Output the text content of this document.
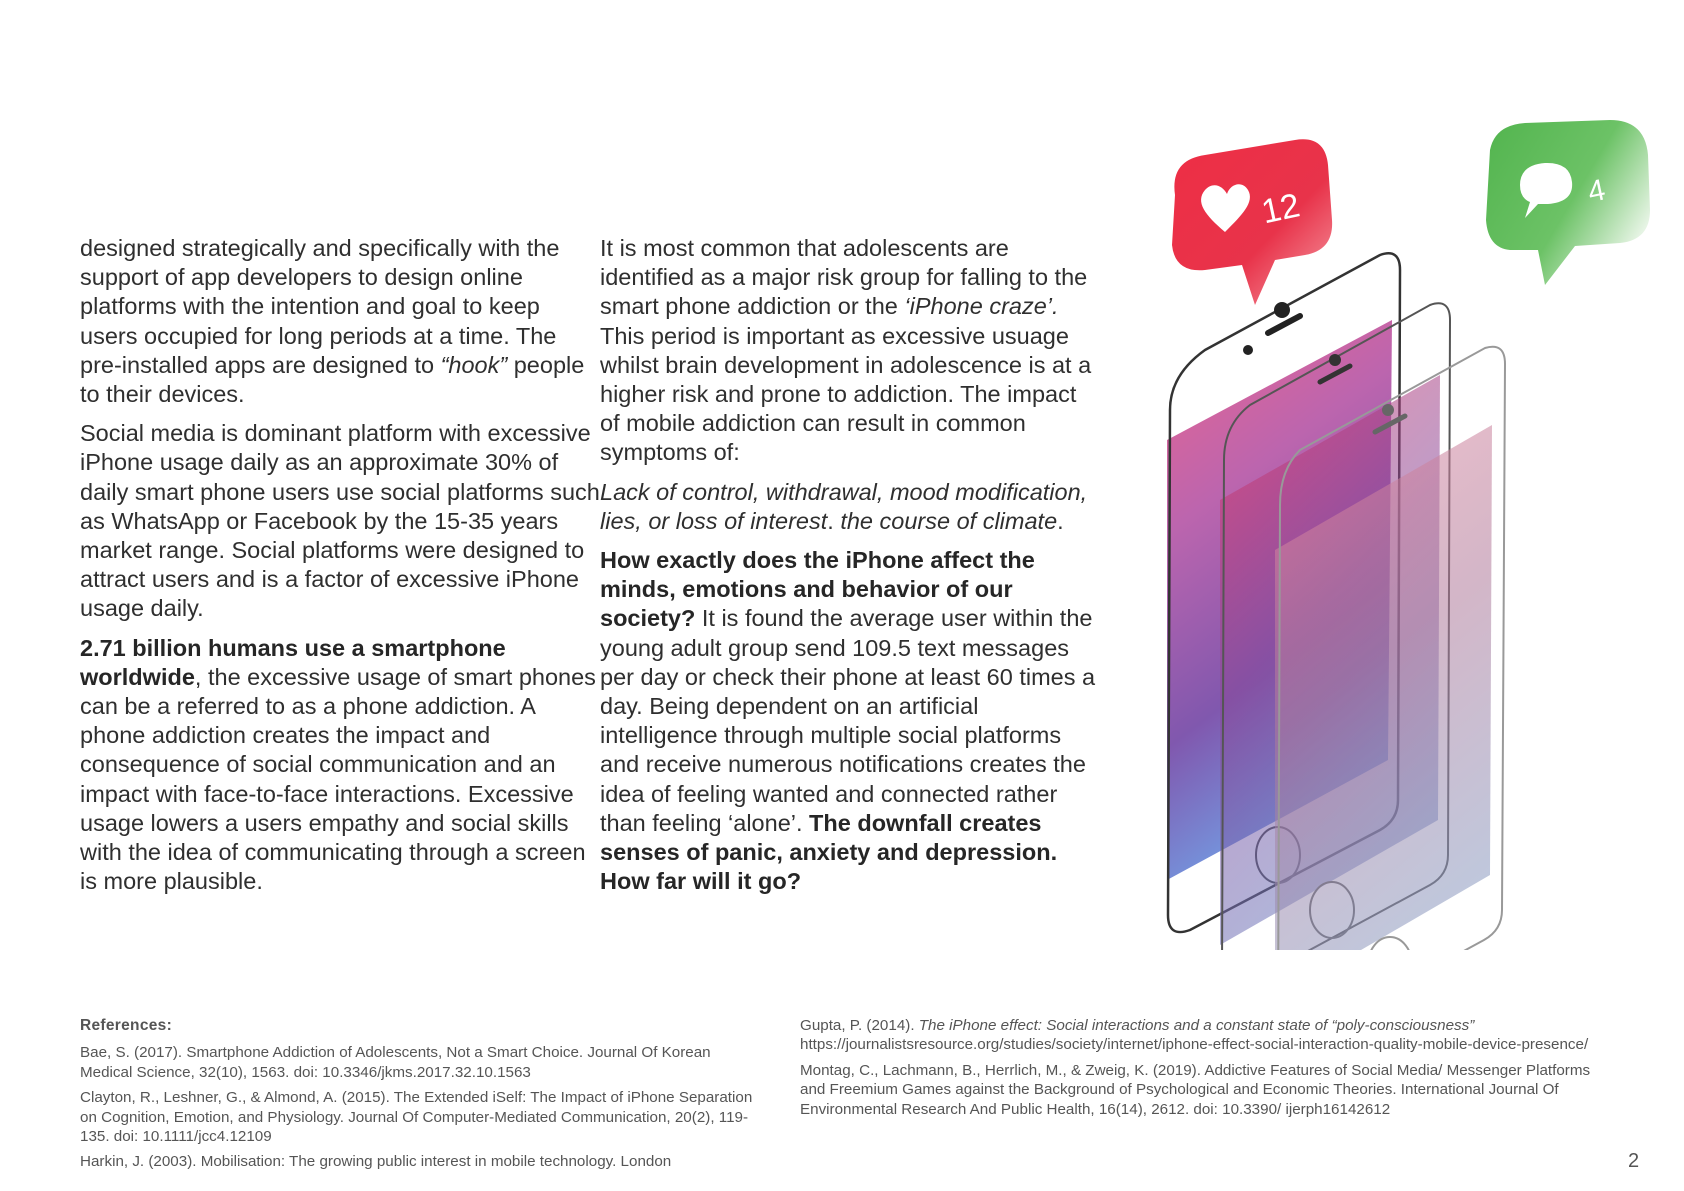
designed strategically and specifically with the support of app developers to design online platforms with the intention and goal to keep users occupied for long periods at a time. The pre-installed apps are designed to “hook” people to their devices.

Social media is dominant platform with excessive iPhone usage daily as an approximate 30% of daily smart phone users use social platforms such as WhatsApp or Facebook by the 15-35 years market range. Social platforms were designed to attract users and is a factor of excessive iPhone usage daily.

2.71 billion humans use a smartphone worldwide, the excessive usage of smart phones can be a referred to as a phone addiction. A phone addiction creates the impact and consequence of social communication and an impact with face-to-face interactions. Excessive usage lowers a users empathy and social skills with the idea of communicating through a screen is more plausible.

It is most common that adolescents are identified as a major risk group for falling to the smart phone addiction or the ‘iPhone craze’. This period is important as excessive usuage whilst brain development in adolescence is at a higher risk and prone to addiction. The impact of mobile addiction can result in common symptoms of:

Lack of control, withdrawal, mood modification, lies, or loss of interest. the course of climate.

How exactly does the iPhone affect the minds, emotions and behavior of our society? It is found the average user within the young adult group send 109.5 text messages per day or check their phone at least 60 times a day. Being dependent on an artificial intelligence through multiple social platforms and receive numerous notifications creates the idea of feeling wanted and connected rather than feeling ‘alone’. The downfall creates senses of panic, anxiety and depression. How far will it go?

12	4

References:

Bae, S. (2017). Smartphone Addiction of Adolescents, Not a Smart Choice. Journal Of Korean Medical Science, 32(10), 1563. doi: 10.3346/jkms.2017.32.10.1563

Clayton, R., Leshner, G., & Almond, A. (2015). The Extended iSelf: The Impact of iPhone Separation on Cognition, Emotion, and Physiology. Journal Of Computer-Mediated Communication, 20(2), 119-135. doi: 10.1111/jcc4.12109

Harkin, J. (2003). Mobilisation: The growing public interest in mobile technology. London

Gupta, P. (2014). The iPhone effect: Social interactions and a constant state of “poly-consciousness”
https://journalistsresource.org/studies/society/internet/iphone-effect-social-interaction-quality-mobile-device-presence/

Montag, C., Lachmann, B., Herrlich, M., & Zweig, K. (2019). Addictive Features of Social Media/ Messenger Platforms and Freemium Games against the Background of Psychological and Economic Theories. International Journal Of Environmental Research And Public Health, 16(14), 2612. doi: 10.3390/ ijerph16142612

2
